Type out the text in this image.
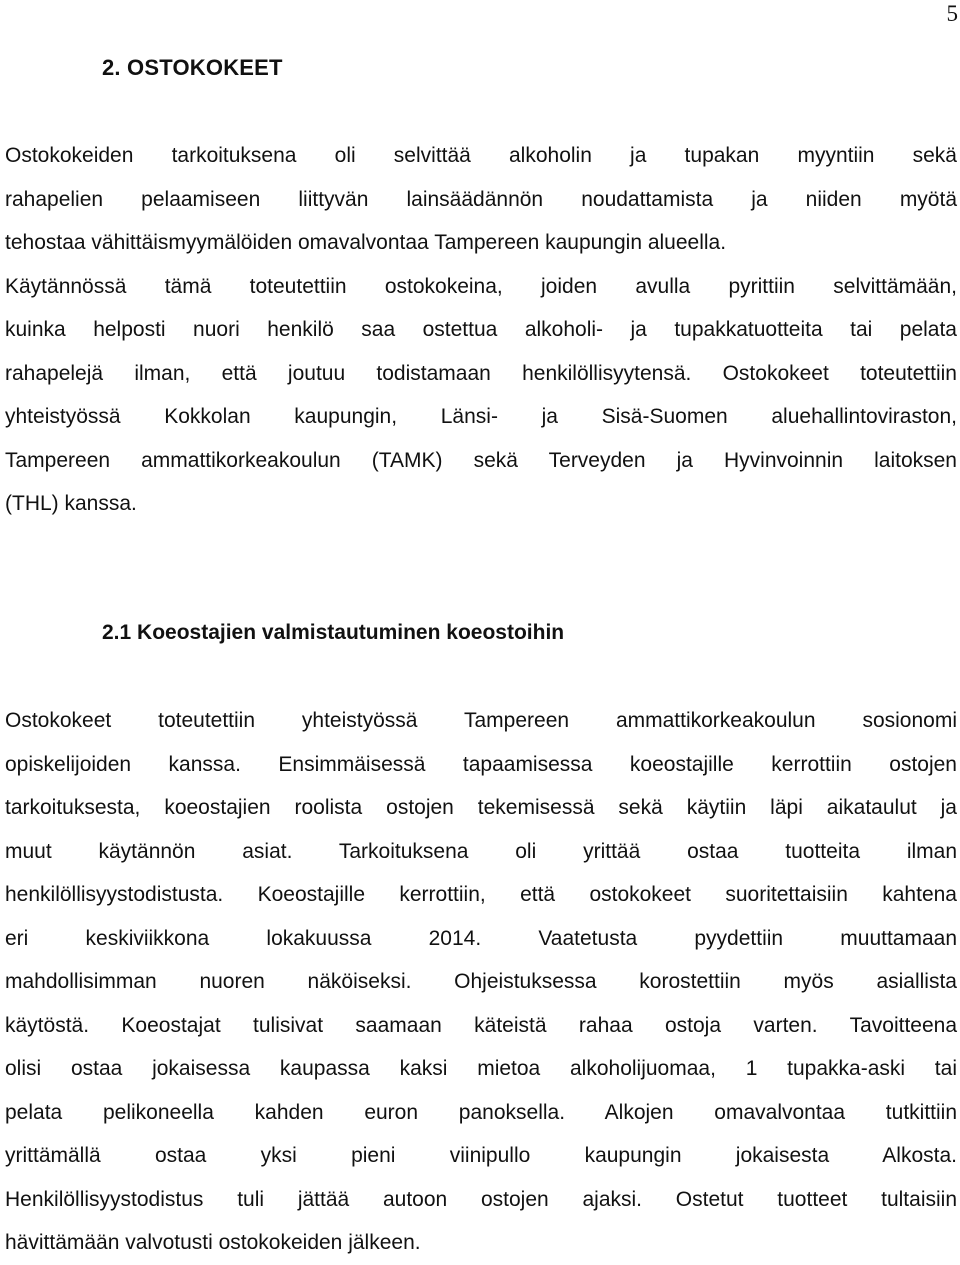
5
2. OSTOKOKEET
Ostokokeiden tarkoituksena oli selvittää alkoholin ja tupakan myyntiin sekä
rahapelien pelaamiseen liittyvän lainsäädännön noudattamista ja niiden myötä
tehostaa vähittäismyymälöiden omavalvontaa Tampereen kaupungin alueella.
Käytännössä tämä toteutettiin ostokokeina, joiden avulla pyrittiin selvittämään,
kuinka helposti nuori henkilö saa ostettua alkoholi- ja tupakkatuotteita tai pelata
rahapelejä ilman, että joutuu todistamaan henkilöllisyytensä. Ostokokeet toteutettiin
yhteistyössä Kokkolan kaupungin, Länsi- ja Sisä-Suomen aluehallintoviraston,
Tampereen ammattikorkeakoulun (TAMK) sekä Terveyden ja Hyvinvoinnin laitoksen
(THL) kanssa.
2.1 Koeostajien valmistautuminen koeostoihin
Ostokokeet toteutettiin yhteistyössä Tampereen ammattikorkeakoulun sosionomi
opiskelijoiden kanssa. Ensimmäisessä tapaamisessa koeostajille kerrottiin ostojen
tarkoituksesta, koeostajien roolista ostojen tekemisessä sekä käytiin läpi aikataulut ja
muut käytännön asiat. Tarkoituksena oli yrittää ostaa tuotteita ilman
henkilöllisyystodistusta. Koeostajille kerrottiin, että ostokokeet suoritettaisiin kahtena
eri keskiviikkona lokakuussa 2014. Vaatetusta pyydettiin muuttamaan
mahdollisimman nuoren näköiseksi. Ohjeistuksessa korostettiin myös asiallista
käytöstä. Koeostajat tulisivat saamaan käteistä rahaa ostoja varten. Tavoitteena
olisi ostaa jokaisessa kaupassa kaksi mietoa alkoholijuomaa, 1 tupakka-aski tai
pelata pelikoneella kahden euron panoksella. Alkojen omavalvontaa tutkittiin
yrittämällä ostaa yksi pieni viinipullo kaupungin jokaisesta Alkosta.
Henkilöllisyystodistus tuli jättää autoon ostojen ajaksi. Ostetut tuotteet tultaisiin
hävittämään valvotusti ostokokeiden jälkeen.
